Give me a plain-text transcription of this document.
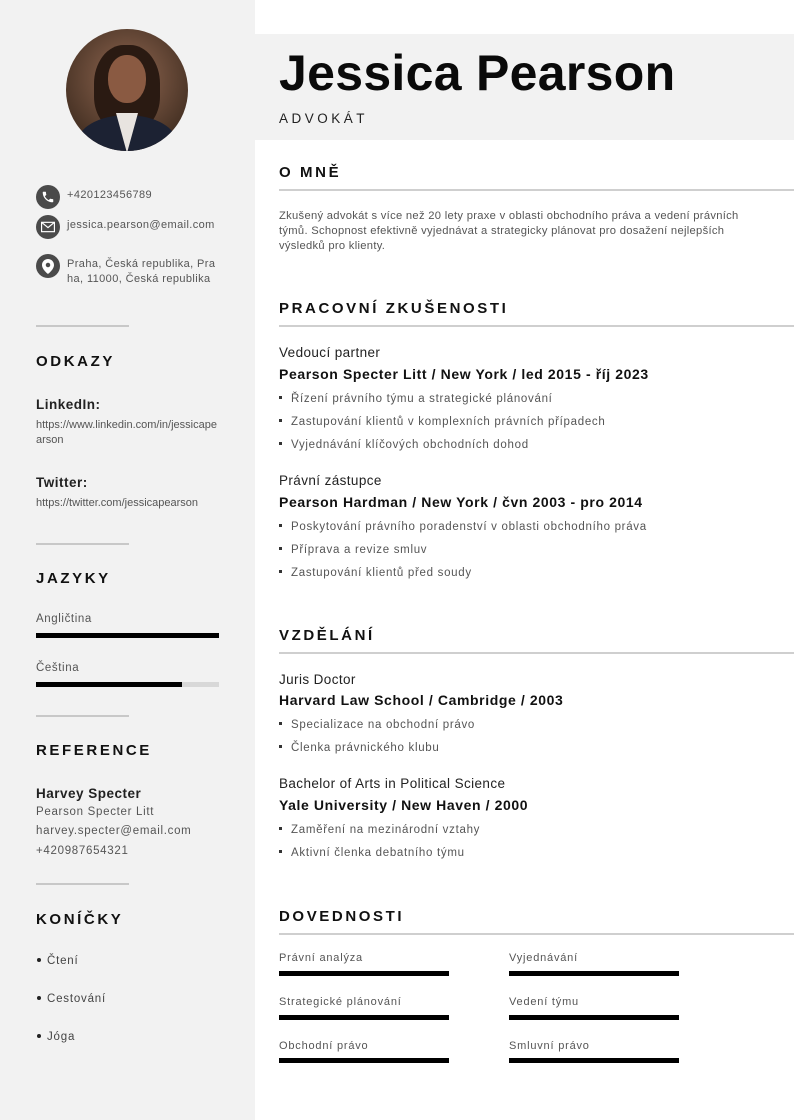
+420123456789
jessica.pearson@email.com
Praha, Česká republika, Praha, 11000, Česká republika
ODKAZY
LinkedIn:
https://www.linkedin.com/in/jessicapearson
Twitter:
https://twitter.com/jessicapearson
JAZYKY
Angličtina
Čeština
REFERENCE
Harvey Specter
Pearson Specter Litt
harvey.specter@email.com
+420987654321
KONÍČKY
Čtení
Cestování
Jóga
Jessica Pearson
ADVOKÁT
O MNĚ

Zkušený advokát s více než 20 lety praxe v oblasti obchodního práva a vedení právních týmů. Schopnost efektivně vyjednávat a strategicky plánovat pro dosažení nejlepších výsledků pro klienty.

PRACOVNÍ ZKUŠENOSTI
Vedoucí partner
Pearson Specter Litt / New York / led 2015 - říj 2023
Řízení právního týmu a strategické plánování
Zastupování klientů v komplexních právních případech
Vyjednávání klíčových obchodních dohod
Právní zástupce
Pearson Hardman / New York / čvn 2003 - pro 2014
Poskytování právního poradenství v oblasti obchodního práva
Příprava a revize smluv
Zastupování klientů před soudy
VZDĚLÁNÍ
Juris Doctor
Harvard Law School / Cambridge / 2003
Specializace na obchodní právo
Členka právnického klubu
Bachelor of Arts in Political Science
Yale University / New Haven / 2000
Zaměření na mezinárodní vztahy
Aktivní členka debatního týmu
DOVEDNOSTI
Právní analýza	Vyjednávání
Strategické plánování	Vedení týmu
Obchodní právo	Smluvní právo
